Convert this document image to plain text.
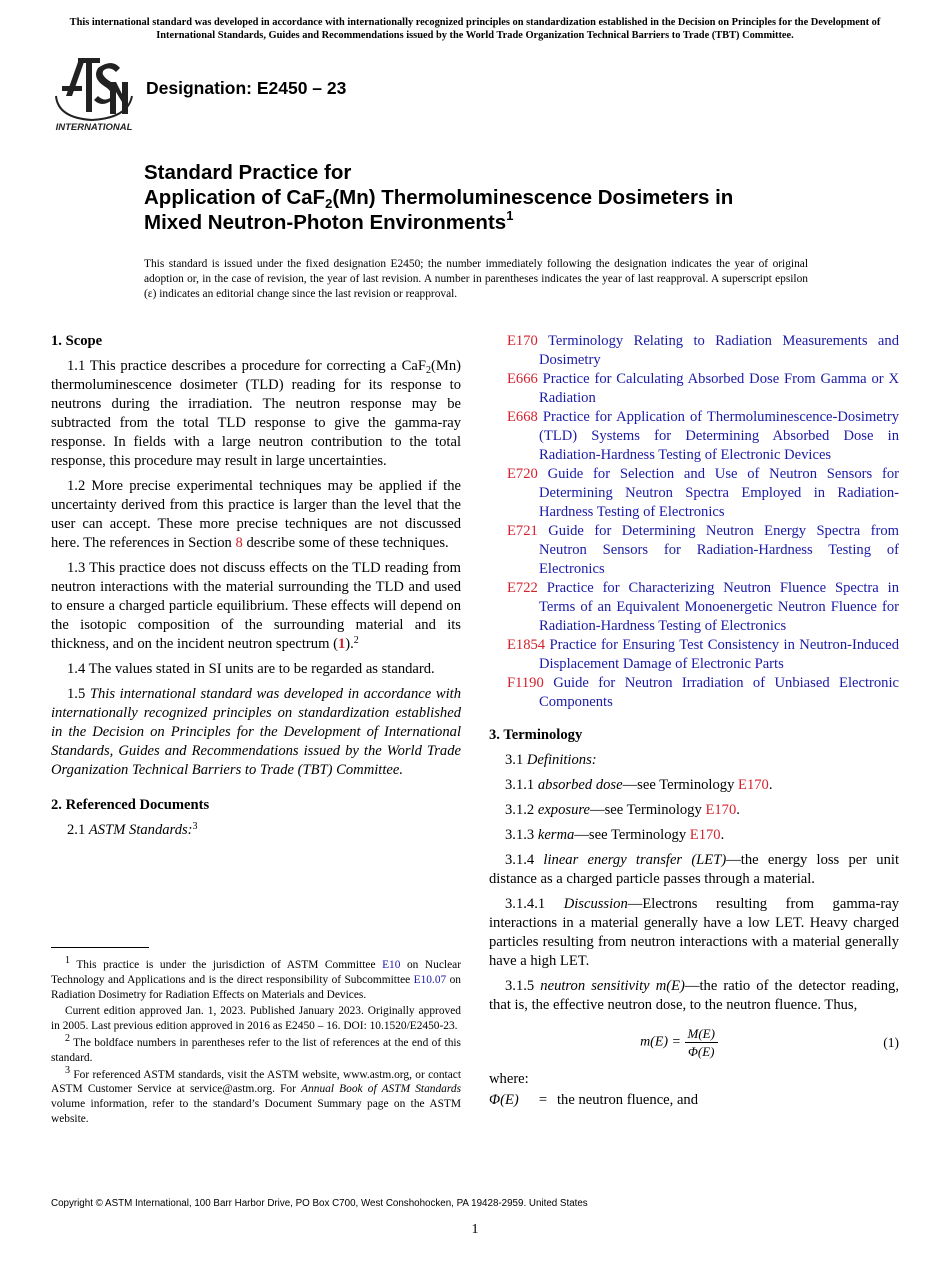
This international standard was developed in accordance with internationally recognized principles on standardization established in the Decision on Principles for the Development of International Standards, Guides and Recommendations issued by the World Trade Organization Technical Barriers to Trade (TBT) Committee.
INTERNATIONAL
Designation: E2450 – 23
Standard Practice for
Application of CaF$_2$(Mn) Thermoluminescence Dosimeters in
Mixed Neutron-Photon Environments$^1$
This standard is issued under the fixed designation E2450; the number immediately following the designation indicates the year of original adoption or, in the case of revision, the year of last revision. A number in parentheses indicates the year of last reapproval. A superscript epsilon (ε) indicates an editorial change since the last revision or reapproval.
1. Scope

1.1 This practice describes a procedure for correcting a CaF$_2$(Mn) thermoluminescence dosimeter (TLD) reading for its response to neutrons during the irradiation. The neutron response may be subtracted from the total TLD response to give the gamma-ray response. In fields with a large neutron contribution to the total response, this procedure may result in large uncertainties.

1.2 More precise experimental techniques may be applied if the uncertainty derived from this practice is larger than the level that the user can accept. These more precise techniques are not discussed here. The references in Section 8 describe some of these techniques.

1.3 This practice does not discuss effects on the TLD reading from neutron interactions with the material surrounding the TLD and used to ensure a charged particle equilibrium. These effects will depend on the isotopic composition of the surrounding material and its thickness, and on the incident neutron spectrum (1).$^2$

1.4 The values stated in SI units are to be regarded as standard.

1.5 This international standard was developed in accordance with internationally recognized principles on standardization established in the Decision on Principles for the Development of International Standards, Guides and Recommendations issued by the World Trade Organization Technical Barriers to Trade (TBT) Committee.

2. Referenced Documents

2.1 ASTM Standards:$^3$

$^1$ This practice is under the jurisdiction of ASTM Committee E10 on Nuclear Technology and Applications and is the direct responsibility of Subcommittee E10.07 on Radiation Dosimetry for Radiation Effects on Materials and Devices.

Current edition approved Jan. 1, 2023. Published January 2023. Originally approved in 2005. Last previous edition approved in 2016 as E2450 – 16. DOI: 10.1520/E2450-23.

$^2$ The boldface numbers in parentheses refer to the list of references at the end of this standard.

$^3$ For referenced ASTM standards, visit the ASTM website, www.astm.org, or contact ASTM Customer Service at service@astm.org. For Annual Book of ASTM Standards volume information, refer to the standard’s Document Summary page on the ASTM website.

E170 Terminology Relating to Radiation Measurements and Dosimetry
E666 Practice for Calculating Absorbed Dose From Gamma or X Radiation
E668 Practice for Application of Thermoluminescence-Dosimetry (TLD) Systems for Determining Absorbed Dose in Radiation-Hardness Testing of Electronic Devices
E720 Guide for Selection and Use of Neutron Sensors for Determining Neutron Spectra Employed in Radiation-Hardness Testing of Electronics
E721 Guide for Determining Neutron Energy Spectra from Neutron Sensors for Radiation-Hardness Testing of Electronics
E722 Practice for Characterizing Neutron Fluence Spectra in Terms of an Equivalent Monoenergetic Neutron Fluence for Radiation-Hardness Testing of Electronics
E1854 Practice for Ensuring Test Consistency in Neutron-Induced Displacement Damage of Electronic Parts
F1190 Guide for Neutron Irradiation of Unbiased Electronic Components
3. Terminology

3.1 Definitions:

3.1.1 absorbed dose—see Terminology E170.

3.1.2 exposure—see Terminology E170.

3.1.3 kerma—see Terminology E170.

3.1.4 linear energy transfer (LET)—the energy loss per unit distance as a charged particle passes through a material.

3.1.4.1 Discussion—Electrons resulting from gamma-ray interactions in a material generally have a low LET. Heavy charged particles resulting from neutron interactions with a material generally have a high LET.

3.1.5 neutron sensitivity m(E)—the ratio of the detector reading, that is, the effective neutron dose, to the neutron fluence. Thus,

$m(E) = \frac{M(E)}{\Phi(E)}$	(1)

where:

Φ(E)	= the neutron fluence, and
Copyright © ASTM International, 100 Barr Harbor Drive, PO Box C700, West Conshohocken, PA 19428-2959. United States
1
